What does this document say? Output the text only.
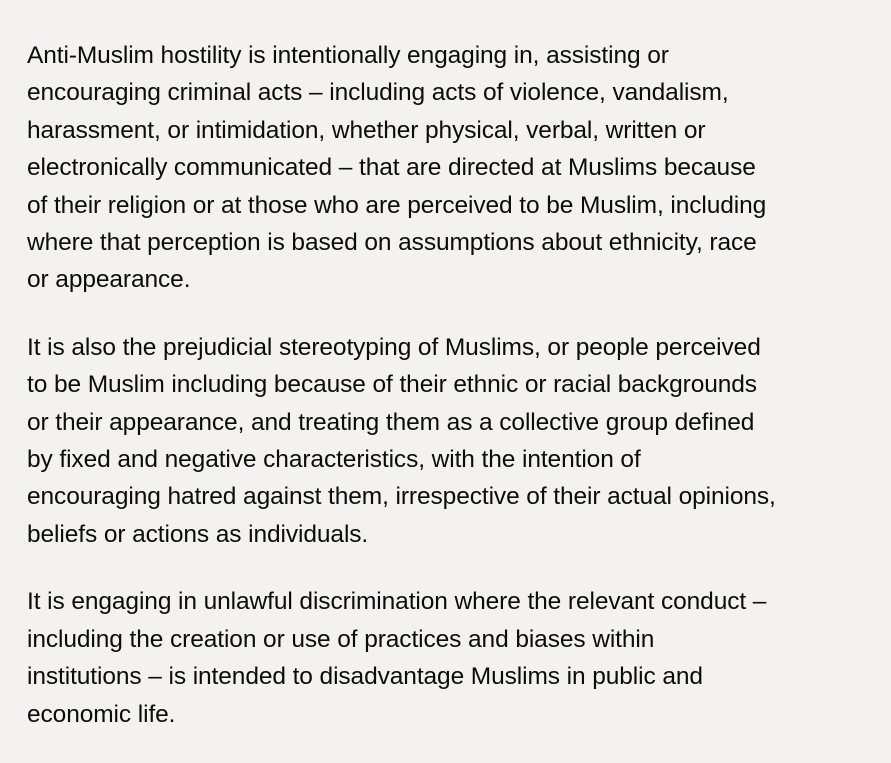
Anti-Muslim hostility is intentionally engaging in, assisting or
encouraging criminal acts – including acts of violence, vandalism,
harassment, or intimidation, whether physical, verbal, written or
electronically communicated – that are directed at Muslims because
of their religion or at those who are perceived to be Muslim, including
where that perception is based on assumptions about ethnicity, race
or appearance.

It is also the prejudicial stereotyping of Muslims, or people perceived
to be Muslim including because of their ethnic or racial backgrounds
or their appearance, and treating them as a collective group defined
by fixed and negative characteristics, with the intention of
encouraging hatred against them, irrespective of their actual opinions,
beliefs or actions as individuals.

It is engaging in unlawful discrimination where the relevant conduct –
including the creation or use of practices and biases within
institutions – is intended to disadvantage Muslims in public and
economic life.
